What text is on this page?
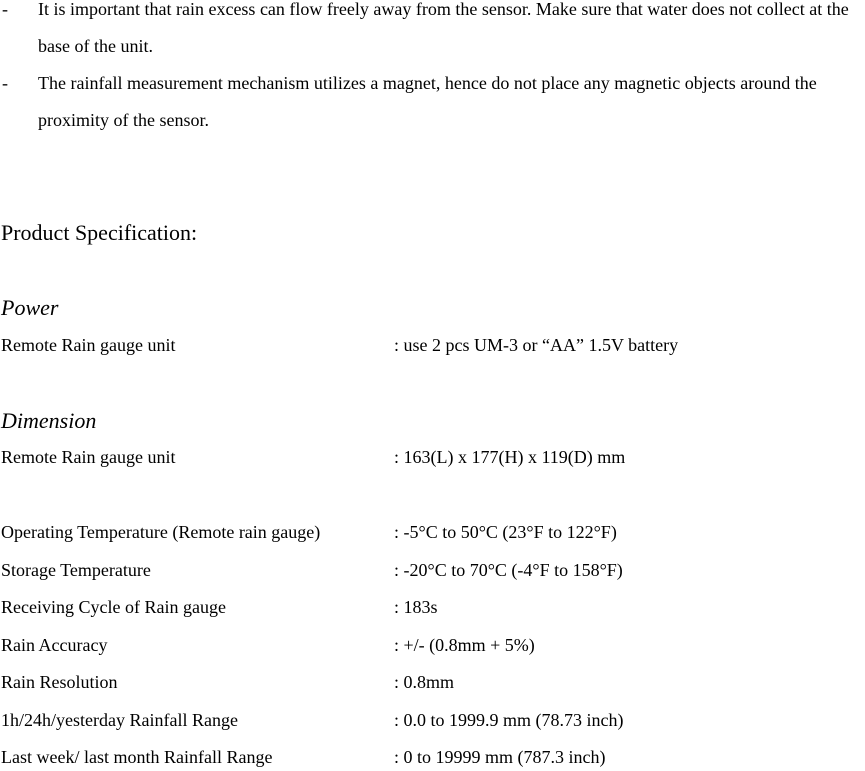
- It is important that rain excess can flow freely away from the sensor. Make sure that water does not collect at the base of the unit.
- The rainfall measurement mechanism utilizes a magnet, hence do not place any magnetic objects around the proximity of the sensor.
Product Specification:
Power
Remote Rain gauge unit	: use 2 pcs UM-3 or “AA” 1.5V battery
Dimension
Remote Rain gauge unit	: 163(L) x 177(H) x 119(D) mm
Operating Temperature (Remote rain gauge)	: -5°C to 50°C (23°F to 122°F)
Storage Temperature	: -20°C to 70°C (-4°F to 158°F)
Receiving Cycle of Rain gauge	: 183s
Rain Accuracy	: +/- (0.8mm + 5%)
Rain Resolution	: 0.8mm
1h/24h/yesterday Rainfall Range	: 0.0 to 1999.9 mm (78.73 inch)
Last week/ last month Rainfall Range	: 0 to 19999 mm (787.3 inch)
